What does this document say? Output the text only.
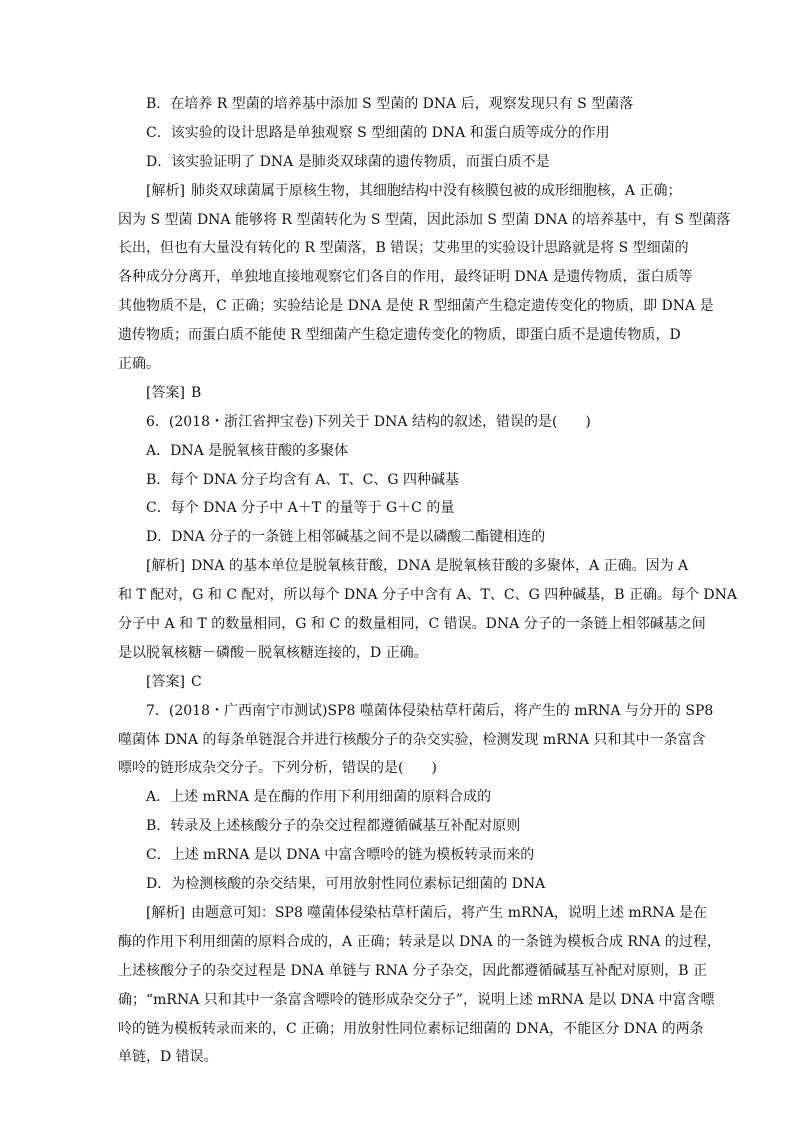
B．在培养 R 型菌的培养基中添加 S 型菌的 DNA 后，观察发现只有 S 型菌落
C．该实验的设计思路是单独观察 S 型细菌的 DNA 和蛋白质等成分的作用
D．该实验证明了 DNA 是肺炎双球菌的遗传物质，而蛋白质不是
[解析] 肺炎双球菌属于原核生物，其细胞结构中没有核膜包被的成形细胞核，A 正确；
因为 S 型菌 DNA 能够将 R 型菌转化为 S 型菌，因此添加 S 型菌 DNA 的培养基中，有 S 型菌落
长出，但也有大量没有转化的 R 型菌落，B 错误；艾弗里的实验设计思路就是将 S 型细菌的
各种成分分离开，单独地直接地观察它们各自的作用，最终证明 DNA 是遗传物质，蛋白质等
其他物质不是，C 正确；实验结论是 DNA 是使 R 型细菌产生稳定遗传变化的物质，即 DNA 是
遗传物质；而蛋白质不能使 R 型细菌产生稳定遗传变化的物质，即蛋白质不是遗传物质，D
正确。
[答案] B
6．(2018・浙江省押宝卷)下列关于 DNA 结构的叙述，错误的是(　　)
A．DNA 是脱氧核苷酸的多聚体
B．每个 DNA 分子均含有 A、T、C、G 四种碱基
C．每个 DNA 分子中 A＋T 的量等于 G＋C 的量
D．DNA 分子的一条链上相邻碱基之间不是以磷酸二酯键相连的
[解析] DNA 的基本单位是脱氧核苷酸，DNA 是脱氧核苷酸的多聚体，A 正确。因为 A
和 T 配对，G 和 C 配对，所以每个 DNA 分子中含有 A、T、C、G 四种碱基，B 正确。每个 DNA
分子中 A 和 T 的数量相同，G 和 C 的数量相同，C 错误。DNA 分子的一条链上相邻碱基之间
是以脱氧核糖－磷酸－脱氧核糖连接的，D 正确。
[答案] C
7．(2018・广西南宁市测试)SP8 噬菌体侵染枯草杆菌后，将产生的 mRNA 与分开的 SP8
噬菌体 DNA 的每条单链混合并进行核酸分子的杂交实验，检测发现 mRNA 只和其中一条富含
嘌呤的链形成杂交分子。下列分析，错误的是(　　)
A．上述 mRNA 是在酶的作用下利用细菌的原料合成的
B．转录及上述核酸分子的杂交过程都遵循碱基互补配对原则
C．上述 mRNA 是以 DNA 中富含嘌呤的链为模板转录而来的
D．为检测核酸的杂交结果，可用放射性同位素标记细菌的 DNA
[解析] 由题意可知：SP8 噬菌体侵染枯草杆菌后，将产生 mRNA，说明上述 mRNA 是在
酶的作用下利用细菌的原料合成的，A 正确；转录是以 DNA 的一条链为模板合成 RNA 的过程，
上述核酸分子的杂交过程是 DNA 单链与 RNA 分子杂交，因此都遵循碱基互补配对原则，B 正
确；“mRNA 只和其中一条富含嘌呤的链形成杂交分子”，说明上述 mRNA 是以 DNA 中富含嘌
呤的链为模板转录而来的，C 正确；用放射性同位素标记细菌的 DNA，不能区分 DNA 的两条
单链，D 错误。
